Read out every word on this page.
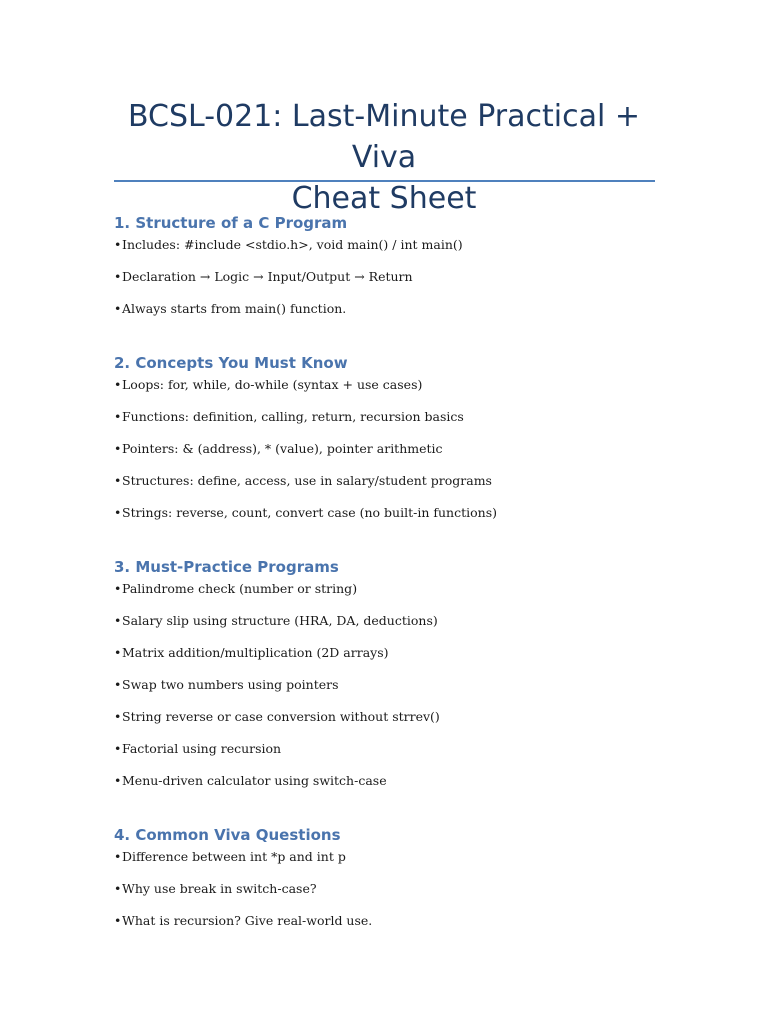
BCSL-021: Last-Minute Practical + Viva
Cheat Sheet
1. Structure of a C Program
•Includes: #include <stdio.h>, void main() / int main()
•Declaration → Logic → Input/Output → Return
•Always starts from main() function.
2. Concepts You Must Know
•Loops: for, while, do-while (syntax + use cases)
•Functions: definition, calling, return, recursion basics
•Pointers: & (address), * (value), pointer arithmetic
•Structures: define, access, use in salary/student programs
•Strings: reverse, count, convert case (no built-in functions)
3. Must-Practice Programs
•Palindrome check (number or string)
•Salary slip using structure (HRA, DA, deductions)
•Matrix addition/multiplication (2D arrays)
•Swap two numbers using pointers
•String reverse or case conversion without strrev()
•Factorial using recursion
•Menu-driven calculator using switch-case
4. Common Viva Questions
•Difference between int *p and int p
•Why use break in switch-case?
•What is recursion? Give real-world use.
